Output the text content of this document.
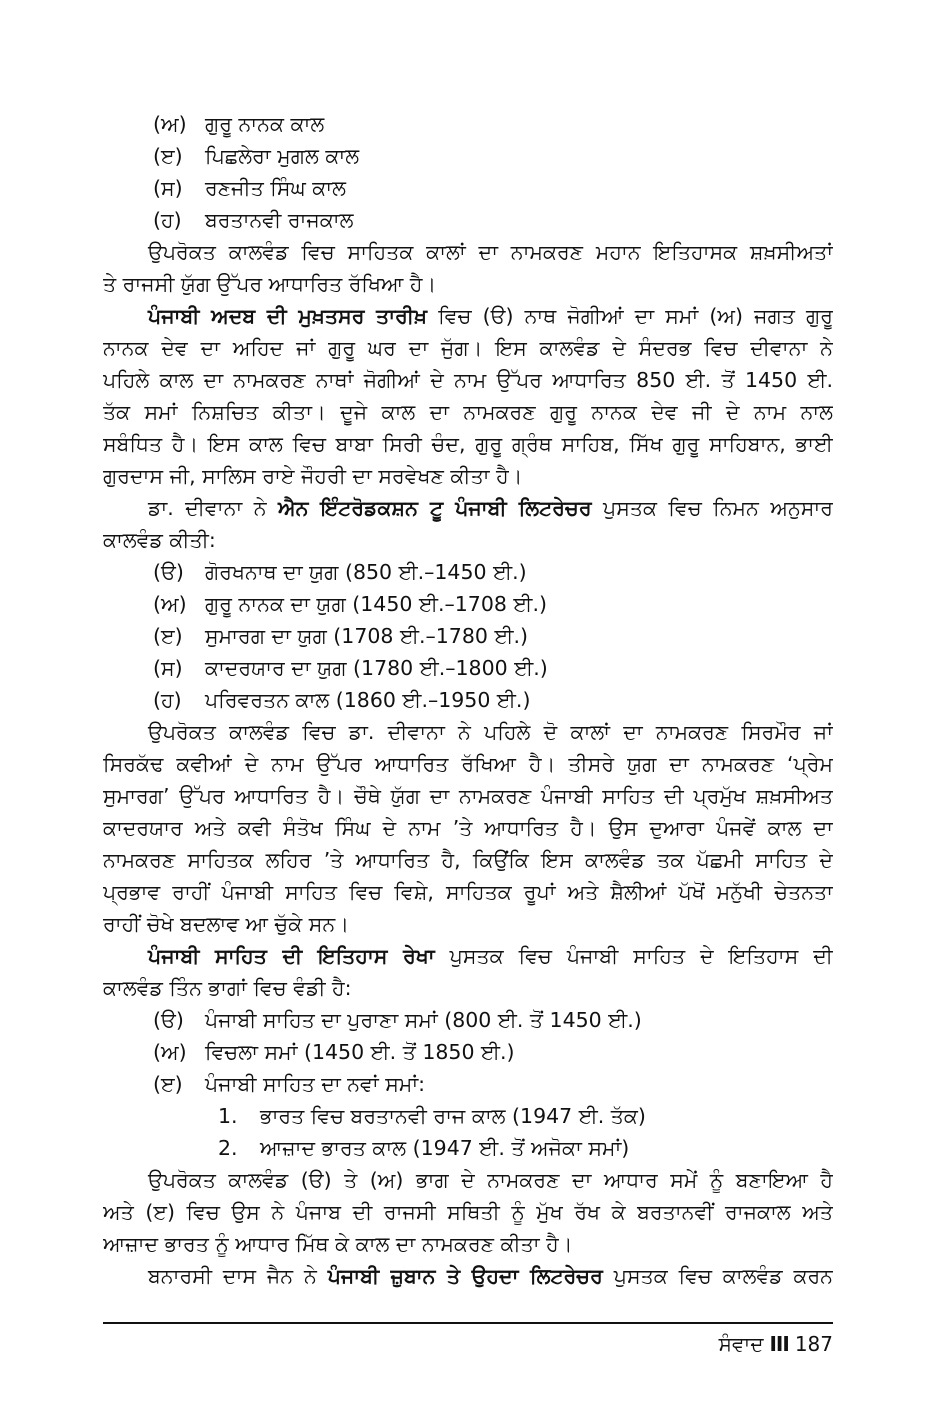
(ਅ) ਗੁਰੂ ਨਾਨਕ ਕਾਲ
(ੲ) ਪਿਛਲੇਰਾ ਮੁਗਲ ਕਾਲ
(ਸ) ਰਣਜੀਤ ਸਿੰਘ ਕਾਲ
(ਹ) ਬਰਤਾਨਵੀ ਰਾਜਕਾਲ
ਉਪਰੋਕਤ ਕਾਲਵੰਡ ਵਿਚ ਸਾਹਿਤਕ ਕਾਲਾਂ ਦਾ ਨਾਮਕਰਣ ਮਹਾਨ ਇਤਿਹਾਸਕ ਸ਼ਖ਼ਸੀਅਤਾਂ
ਤੇ ਰਾਜਸੀ ਯੁੱਗ ਉੱਪਰ ਆਧਾਰਿਤ ਰੱਖਿਆ ਹੈ।
ਪੰਜਾਬੀ ਅਦਬ ਦੀ ਮੁਖ਼ਤਸਰ ਤਾਰੀਖ਼ ਵਿਚ (ੳ) ਨਾਥ ਜੋਗੀਆਂ ਦਾ ਸਮਾਂ (ਅ) ਜਗਤ ਗੁਰੂ
ਨਾਨਕ ਦੇਵ ਦਾ ਅਹਿਦ ਜਾਂ ਗੁਰੂ ਘਰ ਦਾ ਜੁੱਗ। ਇਸ ਕਾਲਵੰਡ ਦੇ ਸੰਦਰਭ ਵਿਚ ਦੀਵਾਨਾ ਨੇ
ਪਹਿਲੇ ਕਾਲ ਦਾ ਨਾਮਕਰਣ ਨਾਥਾਂ ਜੋਗੀਆਂ ਦੇ ਨਾਮ ਉੱਪਰ ਆਧਾਰਿਤ 850 ਈ. ਤੋਂ 1450 ਈ.
ਤੱਕ ਸਮਾਂ ਨਿਸ਼ਚਿਤ ਕੀਤਾ। ਦੂਜੇ ਕਾਲ ਦਾ ਨਾਮਕਰਣ ਗੁਰੂ ਨਾਨਕ ਦੇਵ ਜੀ ਦੇ ਨਾਮ ਨਾਲ
ਸਬੰਧਿਤ ਹੈ। ਇਸ ਕਾਲ ਵਿਚ ਬਾਬਾ ਸਿਰੀ ਚੰਦ, ਗੁਰੂ ਗ੍ਰੰਥ ਸਾਹਿਬ, ਸਿੱਖ ਗੁਰੂ ਸਾਹਿਬਾਨ, ਭਾਈ
ਗੁਰਦਾਸ ਜੀ, ਸਾਲਿਸ ਰਾਏ ਜੌਹਰੀ ਦਾ ਸਰਵੇਖਣ ਕੀਤਾ ਹੈ।
ਡਾ. ਦੀਵਾਨਾ ਨੇ ਐਨ ਇੰਟਰੋਡਕਸ਼ਨ ਟੂ ਪੰਜਾਬੀ ਲਿਟਰੇਚਰ ਪੁਸਤਕ ਵਿਚ ਨਿਮਨ ਅਨੁਸਾਰ
ਕਾਲਵੰਡ ਕੀਤੀ:
(ੳ) ਗੋਰਖਨਾਥ ਦਾ ਯੁਗ (850 ਈ.–1450 ਈ.)
(ਅ) ਗੁਰੂ ਨਾਨਕ ਦਾ ਯੁਗ (1450 ਈ.–1708 ਈ.)
(ੲ) ਸੁਮਾਰਗ ਦਾ ਯੁਗ (1708 ਈ.–1780 ਈ.)
(ਸ) ਕਾਦਰਯਾਰ ਦਾ ਯੁਗ (1780 ਈ.–1800 ਈ.)
(ਹ) ਪਰਿਵਰਤਨ ਕਾਲ (1860 ਈ.–1950 ਈ.)
ਉਪਰੋਕਤ ਕਾਲਵੰਡ ਵਿਚ ਡਾ. ਦੀਵਾਨਾ ਨੇ ਪਹਿਲੇ ਦੋ ਕਾਲਾਂ ਦਾ ਨਾਮਕਰਣ ਸਿਰਮੌਰ ਜਾਂ
ਸਿਰਕੱਢ ਕਵੀਆਂ ਦੇ ਨਾਮ ਉੱਪਰ ਆਧਾਰਿਤ ਰੱਖਿਆ ਹੈ। ਤੀਸਰੇ ਯੁਗ ਦਾ ਨਾਮਕਰਣ ‘ਪ੍ਰੇਮ
ਸੁਮਾਰਗ’ ਉੱਪਰ ਆਧਾਰਿਤ ਹੈ। ਚੌਥੇ ਯੁੱਗ ਦਾ ਨਾਮਕਰਣ ਪੰਜਾਬੀ ਸਾਹਿਤ ਦੀ ਪ੍ਰਮੁੱਖ ਸ਼ਖ਼ਸੀਅਤ
ਕਾਦਰਯਾਰ ਅਤੇ ਕਵੀ ਸੰਤੋਖ ਸਿੰਘ ਦੇ ਨਾਮ ’ਤੇ ਆਧਾਰਿਤ ਹੈ। ਉਸ ਦੁਆਰਾ ਪੰਜਵੇਂ ਕਾਲ ਦਾ
ਨਾਮਕਰਣ ਸਾਹਿਤਕ ਲਹਿਰ ’ਤੇ ਆਧਾਰਿਤ ਹੈ, ਕਿਉਂਕਿ ਇਸ ਕਾਲਵੰਡ ਤਕ ਪੱਛਮੀ ਸਾਹਿਤ ਦੇ
ਪ੍ਰਭਾਵ ਰਾਹੀਂ ਪੰਜਾਬੀ ਸਾਹਿਤ ਵਿਚ ਵਿਸ਼ੇ, ਸਾਹਿਤਕ ਰੂਪਾਂ ਅਤੇ ਸ਼ੈਲੀਆਂ ਪੱਖੋਂ ਮਨੁੱਖੀ ਚੇਤਨਤਾ
ਰਾਹੀਂ ਚੋਖੇ ਬਦਲਾਵ ਆ ਚੁੱਕੇ ਸਨ।
ਪੰਜਾਬੀ ਸਾਹਿਤ ਦੀ ਇਤਿਹਾਸ ਰੇਖਾ ਪੁਸਤਕ ਵਿਚ ਪੰਜਾਬੀ ਸਾਹਿਤ ਦੇ ਇਤਿਹਾਸ ਦੀ
ਕਾਲਵੰਡ ਤਿੰਨ ਭਾਗਾਂ ਵਿਚ ਵੰਡੀ ਹੈ:
(ੳ) ਪੰਜਾਬੀ ਸਾਹਿਤ ਦਾ ਪੁਰਾਣਾ ਸਮਾਂ (800 ਈ. ਤੋਂ 1450 ਈ.)
(ਅ) ਵਿਚਲਾ ਸਮਾਂ (1450 ਈ. ਤੋਂ 1850 ਈ.)
(ੲ) ਪੰਜਾਬੀ ਸਾਹਿਤ ਦਾ ਨਵਾਂ ਸਮਾਂ:
1. ਭਾਰਤ ਵਿਚ ਬਰਤਾਨਵੀ ਰਾਜ ਕਾਲ (1947 ਈ. ਤੱਕ)
2. ਆਜ਼ਾਦ ਭਾਰਤ ਕਾਲ (1947 ਈ. ਤੋਂ ਅਜੋਕਾ ਸਮਾਂ)
ਉਪਰੋਕਤ ਕਾਲਵੰਡ (ੳ) ਤੇ (ਅ) ਭਾਗ ਦੇ ਨਾਮਕਰਣ ਦਾ ਆਧਾਰ ਸਮੇਂ ਨੂੰ ਬਣਾਇਆ ਹੈ
ਅਤੇ (ੲ) ਵਿਚ ਉਸ ਨੇ ਪੰਜਾਬ ਦੀ ਰਾਜਸੀ ਸਥਿਤੀ ਨੂੰ ਮੁੱਖ ਰੱਖ ਕੇ ਬਰਤਾਨਵੀਂ ਰਾਜਕਾਲ ਅਤੇ
ਆਜ਼ਾਦ ਭਾਰਤ ਨੂੰ ਆਧਾਰ ਮਿੱਥ ਕੇ ਕਾਲ ਦਾ ਨਾਮਕਰਣ ਕੀਤਾ ਹੈ।
ਬਨਾਰਸੀ ਦਾਸ ਜੈਨ ਨੇ ਪੰਜਾਬੀ ਜ਼ੁਬਾਨ ਤੇ ਉਹਦਾ ਲਿਟਰੇਚਰ ਪੁਸਤਕ ਵਿਚ ਕਾਲਵੰਡ ਕਰਨ
ਸੰਵਾਦ III 187
